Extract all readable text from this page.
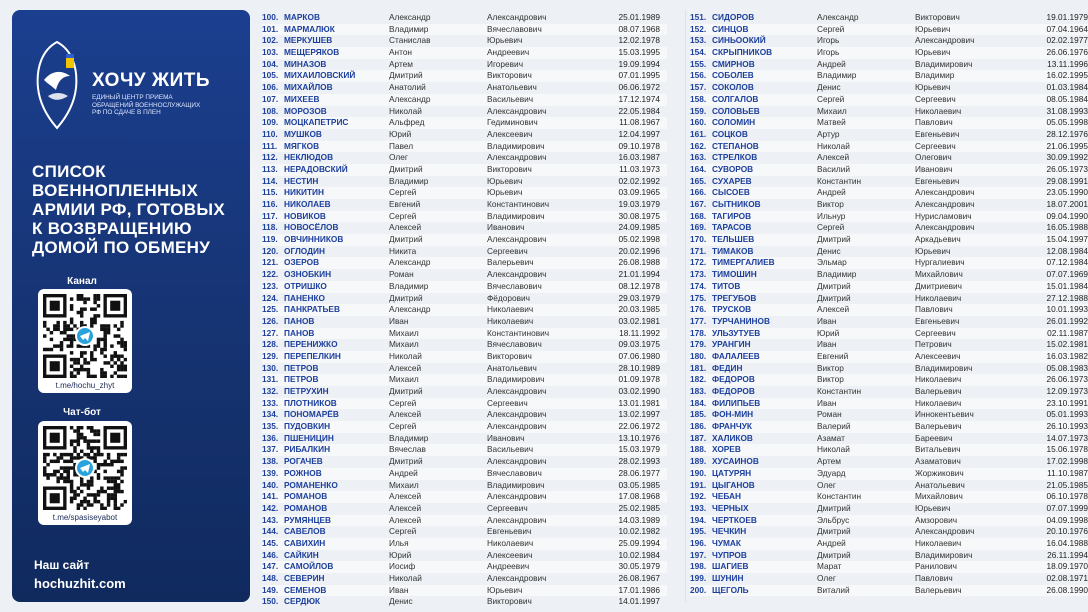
ХОЧУ ЖИТЬ
ЕДИНЫЙ ЦЕНТР ПРИЕМА
ОБРАЩЕНИЙ ВОЕННОСЛУЖАЩИХ
РФ ПО СДАЧЕ В ПЛЕН
СПИСОК
ВОЕННОПЛЕННЫХ
АРМИИ РФ, ГОТОВЫХ
К ВОЗВРАЩЕНИЮ
ДОМОЙ ПО ОБМЕНУ
Канал
t.me/hochu_zhyt
Чат-бот
t.me/spasiseyabot
Наш сайт
hochuzhit.com
100. МАРКОВ	Александр	Александрович	25.01.1989
101. МАРМАЛЮК	Владимир	Вячеславович	08.07.1968
102. МЕРКУШЕВ	Станислав	Юрьевич	12.02.1978
103. МЕЩЕРЯКОВ	Антон	Андреевич	15.03.1995
104. МИНАЗОВ	Артем	Игоревич	19.09.1994
105. МИХАИЛОВСКИЙ	Дмитрий	Викторович	07.01.1995
106. МИХАЙЛОВ	Анатолий	Анатольевич	06.06.1972
107. МИХЕЕВ	Александр	Васильевич	17.12.1974
108. МОРОЗОВ	Николай	Александрович	22.05.1984
109. МОЦКАПЕТРИС	Альфред	Гедиминович	11.08.1967
110. МУШКОВ	Юрий	Алексеевич	12.04.1997
111. МЯГКОВ	Павел	Владимирович	09.10.1978
112. НЕКЛЮДОВ	Олег	Александрович	16.03.1987
113. НЕРАДОВСКИЙ	Дмитрий	Викторович	11.03.1973
114. НЕСТИН	Владимир	Юрьевич	02.02.1992
115. НИКИТИН	Сергей	Юрьевич	03.09.1965
116. НИКОЛАЕВ	Евгений	Константинович	19.03.1979
117. НОВИКОВ	Сергей	Владимирович	30.08.1975
118. НОВОСЁЛОВ	Алексей	Иванович	24.09.1985
119. ОВЧИННИКОВ	Дмитрий	Александрович	05.02.1998
120. ОГЛОДИН	Никита	Сергеевич	20.02.1996
121. ОЗЕРОВ	Александр	Валерьевич	26.08.1988
122. ОЗНОБКИН	Роман	Александрович	21.01.1994
123. ОТРИШКО	Владимир	Вячеславович	08.12.1978
124. ПАНЕНКО	Дмитрий	Фёдорович	29.03.1979
125. ПАНКРАТЬЕВ	Александр	Николаевич	20.03.1985
126. ПАНОВ	Иван	Николаевич	03.02.1981
127. ПАНОВ	Михаил	Константинович	18.11.1992
128. ПЕРЕНИЖКО	Михаил	Вячеславович	09.03.1975
129. ПЕРЕПЕЛКИН	Николай	Викторович	07.06.1980
130. ПЕТРОВ	Алексей	Анатольевич	28.10.1989
131. ПЕТРОВ	Михаил	Владимирович	01.09.1978
132. ПЕТРУХИН	Дмитрий	Александрович	03.02.1990
133. ПЛОТНИКОВ	Сергей	Сергеевич	13.01.1981
134. ПОНОМАРЁВ	Алексей	Александрович	13.02.1997
135. ПУДОВКИН	Сергей	Александрович	22.06.1972
136. ПШЕНИЦИН	Владимир	Иванович	13.10.1976
137. РИБАЛКИН	Вячеслав	Васильевич	15.03.1979
138. РОГАЧЕВ	Дмитрий	Александрович	28.02.1993
139. РОЖНОВ	Андрей	Вячеславович	28.06.1977
140. РОМАНЕНКО	Михаил	Владимирович	03.05.1985
141. РОМАНОВ	Алексей	Александрович	17.08.1968
142. РОМАНОВ	Алексей	Сергеевич	25.02.1985
143. РУМЯНЦЕВ	Алексей	Александрович	14.03.1989
144. САВЕЛОВ	Сергей	Евгеньевич	10.02.1982
145. САВИХИН	Илья	Николаевич	25.09.1994
146. САЙКИН	Юрий	Алексеевич	10.02.1984
147. САМОЙЛОВ	Иосиф	Андреевич	30.05.1979
148. СЕВЕРИН	Николай	Александрович	26.08.1967
149. СЕМЕНОВ	Иван	Юрьевич	17.01.1986
150. СЕРДЮК	Денис	Викторович	14.01.1997
151. СИДОРОВ	Александр	Викторович	19.01.1979
152. СИНЦОВ	Сергей	Юрьевич	07.04.1964
153. СИНЬООКИЙ	Игорь	Александрович	02.02.1977
154. СКРЫПНИКОВ	Игорь	Юрьевич	26.06.1976
155. СМИРНОВ	Андрей	Владимирович	13.11.1996
156. СОБОЛЕВ	Владимир	Владимир	16.02.1995
157. СОКОЛОВ	Денис	Юрьевич	01.03.1984
158. СОЛГАЛОВ	Сергей	Сергеевич	08.05.1984
159. СОЛОВЬЕВ	Михаил	Николаевич	31.08.1993
160. СОЛОМИН	Матвей	Павлович	05.05.1998
161. СОЦКОВ	Артур	Евгеньевич	28.12.1976
162. СТЕПАНОВ	Николай	Сергеевич	21.06.1995
163. СТРЕЛКОВ	Алексей	Олегович	30.09.1992
164. СУВОРОВ	Василий	Иванович	26.05.1973
165. СУХАРЕВ	Константин	Евгеньевич	29.08.1991
166. СЫСОЕВ	Андрей	Александрович	23.05.1990
167. СЫТНИКОВ	Виктор	Александрович	18.07.2001
168. ТАГИРОВ	Ильнур	Нурисламович	09.04.1990
169. ТАРАСОВ	Сергей	Александрович	16.05.1988
170. ТЕЛЬШЕВ	Дмитрий	Аркадьевич	15.04.1997
171. ТИМАКОВ	Денис	Юрьевич	12.08.1984
172. ТИМЕРГАЛИЕВ	Эльмар	Нургалиевич	07.12.1984
173. ТИМОШИН	Владимир	Михайлович	07.07.1969
174. ТИТОВ	Дмитрий	Дмитриевич	15.01.1984
175. ТРЕГУБОВ	Дмитрий	Николаевич	27.12.1988
176. ТРУСКОВ	Алексей	Павлович	10.01.1993
177. ТУРЧАНИНОВ	Иван	Евгеньевич	26.01.1992
178. УЛЬЗУТУЕВ	Юрий	Сергеевич	02.11.1987
179. УРАНГИН	Иван	Петрович	15.02.1981
180. ФАЛАЛЕЕВ	Евгений	Алексеевич	16.03.1982
181. ФЕДИН	Виктор	Владимирович	05.08.1983
182. ФЕДОРОВ	Виктор	Николаевич	26.06.1973
183. ФЕДОРОВ	Константин	Валерьевич	12.09.1973
184. ФИЛИПЬЕВ	Иван	Николаевич	23.10.1991
185. ФОН-МИН	Роман	Иннокентьевич	05.01.1993
186. ФРАНЧУК	Валерий	Валерьевич	26.10.1993
187. ХАЛИКОВ	Азамат	Бареевич	14.07.1973
188. ХОРЕВ	Николай	Витальевич	15.06.1978
189. ХУСАИНОВ	Артем	Азаматович	17.02.1998
190. ЦАТУРЯН	Эдуард	Жоржикович	11.10.1987
191. ЦЫГАНОВ	Олег	Анатольевич	21.05.1985
192. ЧЕБАН	Константин	Михайлович	06.10.1978
193. ЧЕРНЫХ	Дмитрий	Юрьевич	07.07.1999
194. ЧЕРТКОЕВ	Эльбрус	Амзорович	04.09.1998
195. ЧЕЧКИН	Дмитрий	Александрович	20.10.1976
196. ЧУМАК	Андрей	Николаевич	16.04.1988
197. ЧУПРОВ	Дмитрий	Владимирович	26.11.1994
198. ШАГИЕВ	Марат	Ранилович	18.09.1970
199. ШУНИН	Олег	Павлович	02.08.1971
200. ЩЕГОЛЬ	Виталий	Валерьевич	26.08.1990
